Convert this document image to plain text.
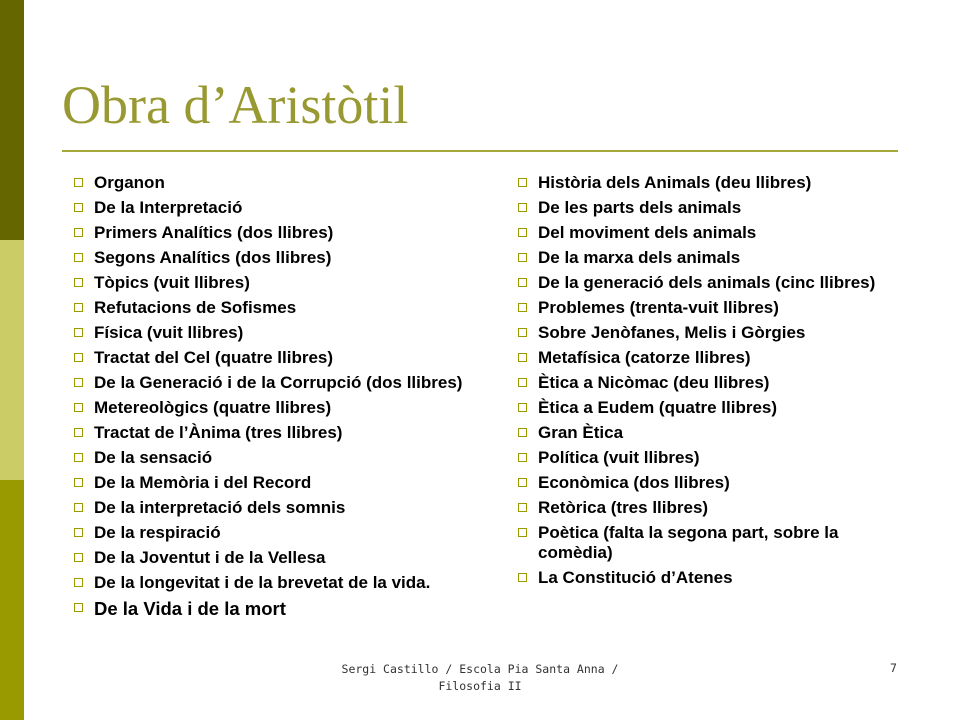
Obra d’Aristòtil
Organon
De la Interpretació
Primers Analítics (dos llibres)
Segons Analítics (dos llibres)
Tòpics (vuit llibres)
Refutacions de Sofismes
Física (vuit llibres)
Tractat del Cel (quatre llibres)
De la Generació i de la Corrupció (dos llibres)
Metereològics (quatre llibres)
Tractat de l’Ànima (tres llibres)
De la sensació
De la Memòria i del Record
De la interpretació dels somnis
De la respiració
De la Joventut i de la Vellesa
De la longevitat i de la brevetat de la vida.
De la Vida i de la mort
Història dels Animals (deu llibres)
De les parts dels animals
Del moviment dels animals
De la marxa dels animals
De la generació dels animals (cinc llibres)
Problemes (trenta-vuit llibres)
Sobre Jenòfanes, Melis i Gòrgies
Metafísica (catorze llibres)
Ètica a Nicòmac (deu llibres)
Ètica a Eudem (quatre llibres)
Gran Ètica
Política (vuit llibres)
Econòmica (dos llibres)
Retòrica (tres llibres)
Poètica (falta la segona part, sobre la comèdia)
La Constitució d’Atenes
Sergi Castillo / Escola Pia Santa Anna / Filosofia II
7
